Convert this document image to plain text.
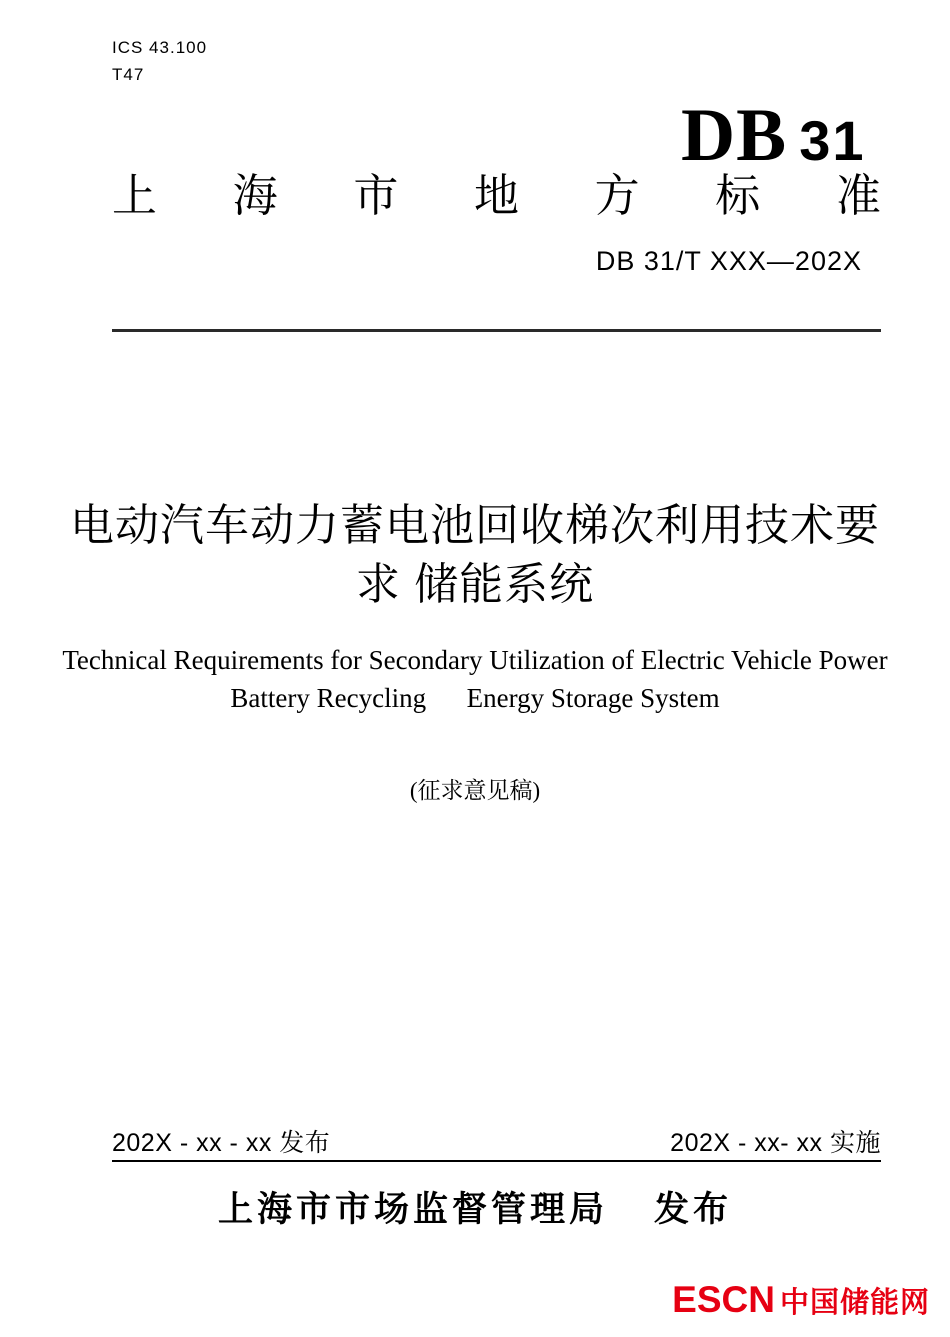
ICS 43.100
T47
DB 31
上 海 市 地 方 标 准
DB 31/T XXX—202X
电动汽车动力蓄电池回收梯次利用技术要
求 储能系统
Technical Requirements for Secondary Utilization of Electric Vehicle Power
Battery Recycling      Energy Storage System
(征求意见稿)
202X - xx - xx 发布	202X - xx- xx 实施
上海市市场监督管理局 发布
ESCN 中国储能网
